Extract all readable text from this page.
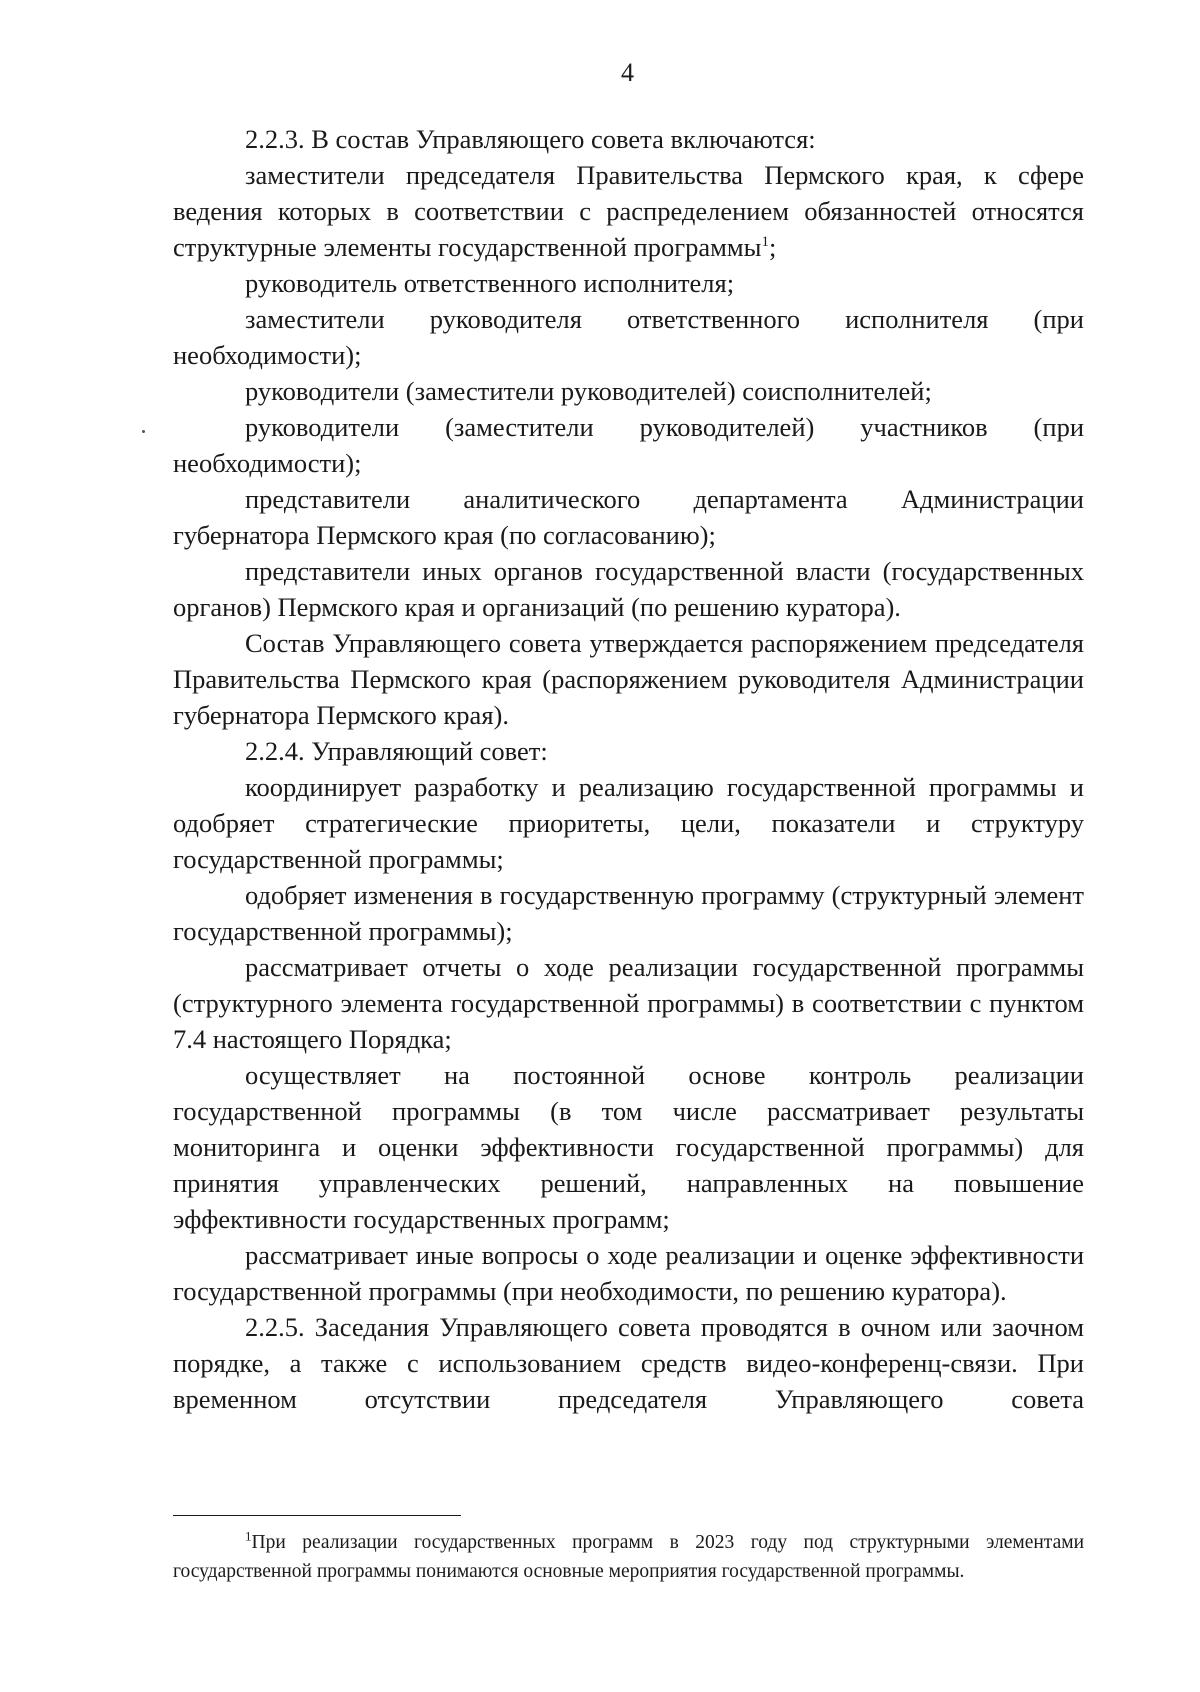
4

2.2.3. В состав Управляющего совета включаются:

заместители председателя Правительства Пермского края, к сфере ведения которых в соответствии с распределением обязанностей относятся структурные элементы государственной программы$^1$;

руководитель ответственного исполнителя;

заместители руководителя ответственного исполнителя (при необходимости);

руководители (заместители руководителей) соисполнителей;

руководители (заместители руководителей) участников (при необходимости);

представители аналитического департамента Администрации губернатора Пермского края (по согласованию);

представители иных органов государственной власти (государственных органов) Пермского края и организаций (по решению куратора).

Состав Управляющего совета утверждается распоряжением председателя Правительства Пермского края (распоряжением руководителя Администрации губернатора Пермского края).

2.2.4. Управляющий совет:

координирует разработку и реализацию государственной программы и одобряет стратегические приоритеты, цели, показатели и структуру государственной программы;

одобряет изменения в государственную программу (структурный элемент государственной программы);

рассматривает отчеты о ходе реализации государственной программы (структурного элемента государственной программы) в соответствии с пунктом 7.4 настоящего Порядка;

осуществляет на постоянной основе контроль реализации государственной программы (в том числе рассматривает результаты мониторинга и оценки эффективности государственной программы) для принятия управленческих решений, направленных на повышение эффективности государственных программ;

рассматривает иные вопросы о ходе реализации и оценке эффективности государственной программы (при необходимости, по решению куратора).

2.2.5. Заседания Управляющего совета проводятся в очном или заочном порядке, а также с использованием средств видео-конференц-связи. При временном отсутствии председателя Управляющего совета

$^1$При реализации государственных программ в 2023 году под структурными элементами государственной программы понимаются основные мероприятия государственной программы.
